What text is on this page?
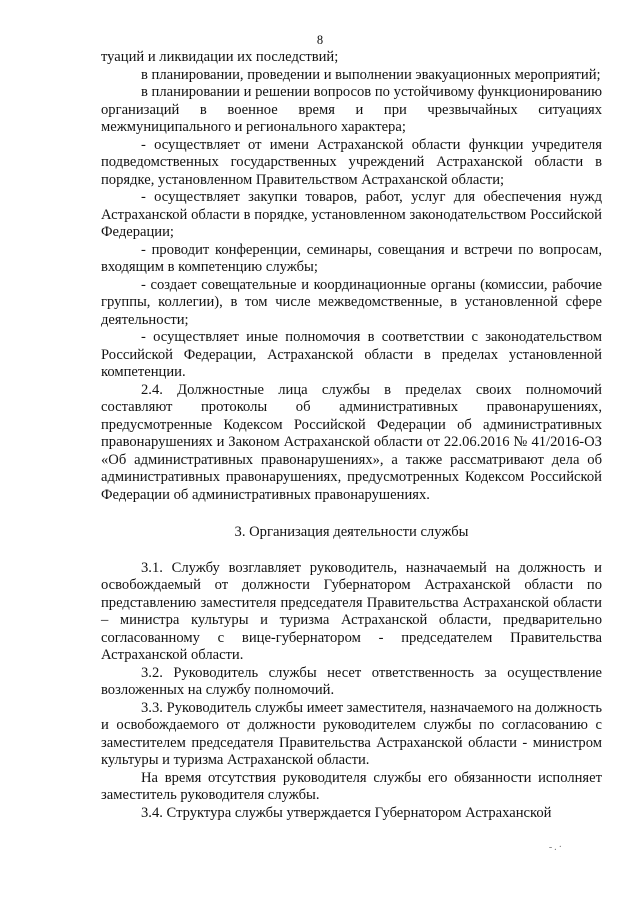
8

туаций и ликвидации их последствий;

в планировании, проведении и выполнении эвакуационных мероприятий;

в планировании и решении вопросов по устойчивому функционированию организаций в военное время и при чрезвычайных ситуациях межмуниципального и регионального характера;

- осуществляет от имени Астраханской области функции учредителя подведомственных государственных учреждений Астраханской области в порядке, установленном Правительством Астраханской области;

- осуществляет закупки товаров, работ, услуг для обеспечения нужд Астраханской области в порядке, установленном законодательством Российской Федерации;

- проводит конференции, семинары, совещания и встречи по вопросам, входящим в компетенцию службы;

- создает совещательные и координационные органы (комиссии, рабочие группы, коллегии), в том числе межведомственные, в установленной сфере деятельности;

- осуществляет иные полномочия в соответствии с законодательством Российской Федерации, Астраханской области в пределах установленной компетенции.

2.4. Должностные лица службы в пределах своих полномочий составляют протоколы об административных правонарушениях, предусмотренные Кодексом Российской Федерации об административных правонарушениях и Законом Астраханской области от 22.06.2016 № 41/2016-ОЗ «Об административных правонарушениях», а также рассматривают дела об административных правонарушениях, предусмотренных Кодексом Российской Федерации об административных правонарушениях.

3. Организация деятельности службы

3.1. Службу возглавляет руководитель, назначаемый на должность и освобождаемый от должности Губернатором Астраханской области по представлению заместителя председателя Правительства Астраханской области – министра культуры и туризма Астраханской области, предварительно согласованному с вице-губернатором - председателем Правительства Астраханской области.

3.2. Руководитель службы несет ответственность за осуществление возложенных на службу полномочий.

3.3. Руководитель службы имеет заместителя, назначаемого на должность и освобождаемого от должности руководителем службы по согласованию с заместителем председателя Правительства Астраханской области - министром культуры и туризма Астраханской области.

На время отсутствия руководителя службы его обязанности исполняет заместитель руководителя службы.

3.4. Структура службы утверждается Губернатором Астраханской

-.·
